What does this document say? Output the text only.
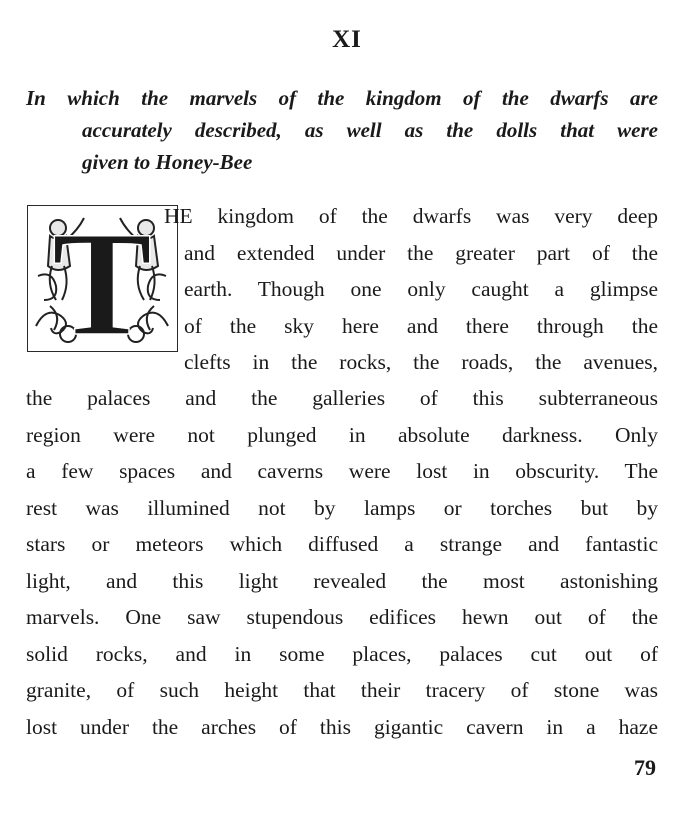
XI
In which the marvels of the kingdom of the dwarfs are
accurately described, as well as the dolls that were
given to Honey-Bee
T HE kingdom of the dwarfs was very deep
and extended under the greater part of the
earth. Though one only caught a glimpse
of the sky here and there through the
clefts in the rocks, the roads, the avenues,
the palaces and the galleries of this subterraneous
region were not plunged in absolute darkness. Only
a few spaces and caverns were lost in obscurity. The
rest was illumined not by lamps or torches but by
stars or meteors which diffused a strange and fantastic
light, and this light revealed the most astonishing
marvels. One saw stupendous edifices hewn out of the
solid rocks, and in some places, palaces cut out of
granite, of such height that their tracery of stone was
lost under the arches of this gigantic cavern in a haze
79
